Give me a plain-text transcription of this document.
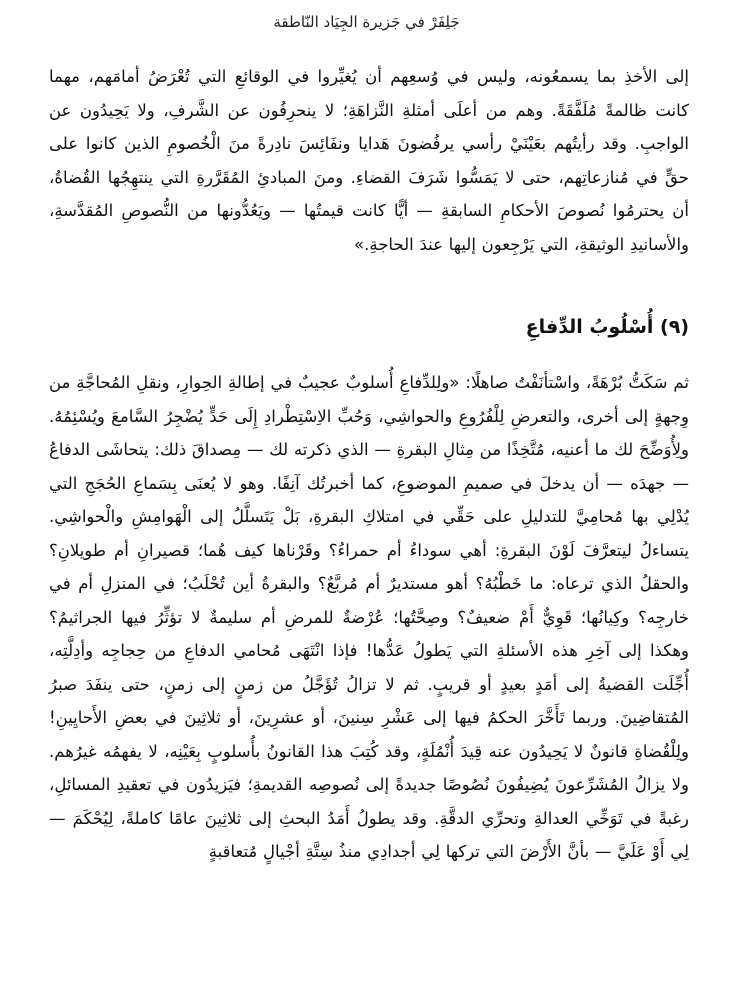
جَلِفَرْ في جَزيرة الجِيَاد النّاطقة

إلى الأخذِ بما يسمعُونه، وليس في وُسعِهم أن يُغيِّروا في الوقائعِ التي تُعْرَضُ أمامَهم، مهما كانت ظالمةً مُلَفَّقَةً. وهم من أعلَى أمثلةِ النَّزاهَةِ؛ لا ينحرِفُون عن الشَّرفِ، ولا يَحِيدُون عن الواجبِ. وقد رأيتُهم بعَيْنَيْ رأسي يرفُضونَ هَدايا ونفَائِسَ نادِرةً منَ الْخُصومِ الذين كانوا على حقٍّ في مُنازعاتِهم، حتى لا يَمَسُّوا شَرَفَ القضاءِ. ومنَ المبادئِ المُقَرَّرةِ التي ينتهِجُها القُضاةُ، أن يحترمُوا نُصوصَ الأحكامِ السابقةِ — أيًّا كانت قيمتُها — ويَعُدُّونها من النُّصوصِ المُقدَّسةِ، والأسانيدِ الوثيقةِ، التي يَرْجِعون إليها عندَ الحاجةِ.»

(٩) أُسْلُوبُ الدِّفاعِ

ثم سَكَتُّ بُرْهَةً، واسْتأنَفْتُ صاهلًا: «ولِلدِّفاعِ أُسلوبٌ عجيبٌ في إطالةِ الحِوارِ، ونقلِ المُحاجَّةِ من وِجهةٍ إلى أخرى، والتعرضِ لِلْفُرُوعِ والحواشِي، وَحُبِّ الاِسْتِطْرادِ إِلَى حَدٍّ يُضْجِرُ السَّامعَ ويُسْئِمُهُ. ولِأُوَضِّحَ لك ما أعنيه، مُتَّخِذًا من مِثالِ البقرةِ — الذي ذكرته لك — مِصداقَ ذلك: يتحاشَى الدفاعُ — جهدَه — أن يدخلَ في صميمِ الموضوعِ، كما أخبرتُك آنِفًا. وهو لا يُعنَى بِسَماعِ الحُجَجِ التي يُدْلِي بها مُحامِيَّ للتدليلِ على حَقِّي في امتلاكِ البقرةِ، بَلْ يَتَسلَّلُ إلى الْهَوامِشِ والْحواشِي. يتساءلُ ليتعرَّفَ لَوْنَ البقرةِ: أهي سوداءُ أم حمراءُ؟ وقَرْناها كيف هُما؛ قصيرانِ أم طويلانِ؟ والحقلُ الذي ترعاه: ما خَطْبُهُ؟ أهو مستديرٌ أم مُربَّعٌ؟ والبقرةُ أين تُحْلَبُ؛ في المنزلِ أم في خارجِه؟ وكِيانُها؛ قَوِيٌّ أَمْ ضعيفٌ؟ وصِحَّتُها؛ عُرْضةٌ للمرضِ أم سليمةٌ لا تؤثِّرُ فيها الجراثيمُ؟ وهكذا إلى آخِرِ هذه الأسئلةِ التي يَطولُ عَدُّها! فإذا انْتَهَى مُحامي الدفاعِ من حِجاجِه وأدِلَّتِه، أُجِّلَت القضيةُ إلى أمَدٍ بعيدٍ أو قريبٍ. ثم لا تزالُ تُؤَجَّلُ من زمنٍ إلى زمنٍ، حتى ينفَدَ صبرُ المُتقاضِينَ. وربما تَأَخَّرَ الحكمُ فيها إلى عَشْرِ سِنينَ، أو عشرِينَ، أو ثلاثِينَ في بعضِ الأَحايِينِ! ولِلْقُضاةِ قانونٌ لا يَحِيدُون عنه قِيدَ أُنْمُلَةٍ، وقد كُتِبَ هذا القانونُ بأُسلوبٍ بِعَيْنِه، لا يفهمُه غيرُهم. ولا يزالُ المُشَرِّعونَ يُضِيفُونَ نُصُوصًا جديدةً إلى نُصوصِه القديمةِ؛ فيَزيدُون في تعقيدِ المسائلِ، رغبةً في تَوَخِّي العدالةِ وتحرِّي الدقَّةِ. وقد يطولُ أَمَدُ البحثِ إلى ثلاثِينَ عامًا كاملةً، لِيُحْكَمَ — لِي أَوْ عَلَيَّ — بأنَّ الأَرْضَ التي تركها لِي أجدادِي منذُ سِتَّةِ أجْيالٍ مُتعاقبةٍ
